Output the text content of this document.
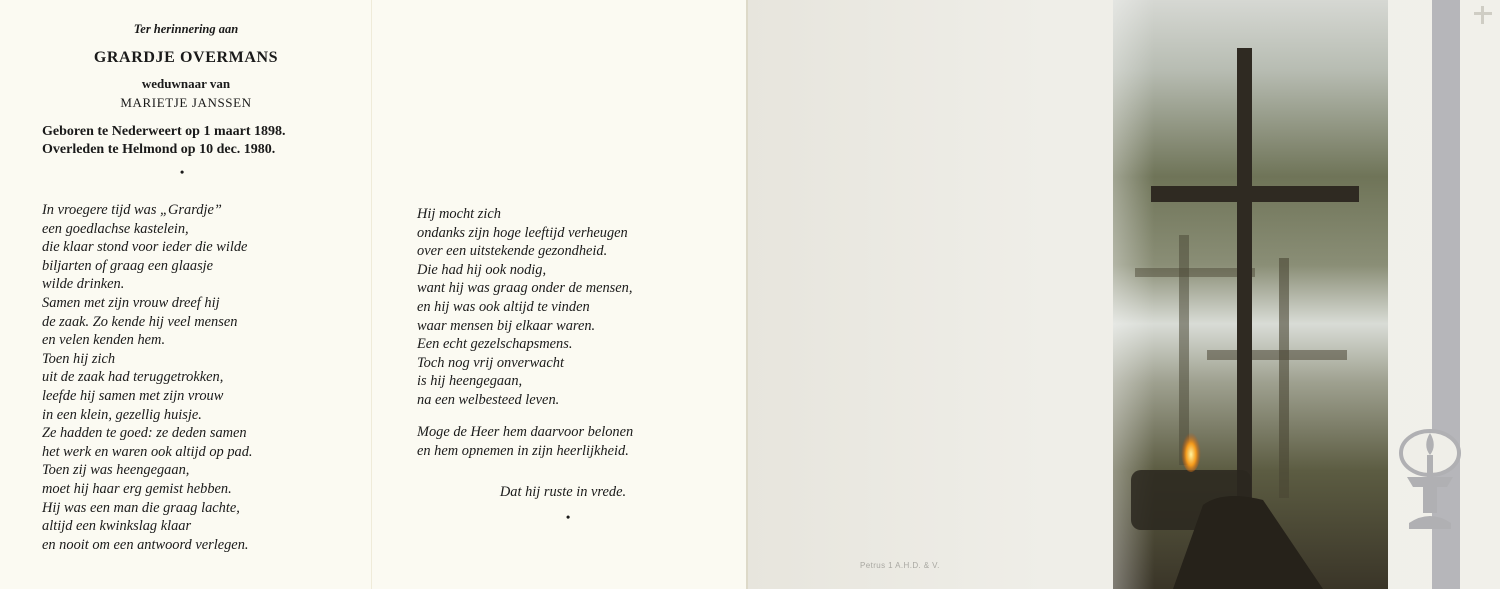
Ter herinnering aan
GRARDJE OVERMANS
weduwnaar van
MARIETJE JANSSEN
Geboren te Nederweert op 1 maart 1898.
Overleden te Helmond op 10 dec. 1980.
•
In vroegere tijd was „Grardje”
een goedlachse kastelein,
die klaar stond voor ieder die wilde
biljarten of graag een glaasje
wilde drinken.
Samen met zijn vrouw dreef hij
de zaak. Zo kende hij veel mensen
en velen kenden hem.
Toen hij zich
uit de zaak had teruggetrokken,
leefde hij samen met zijn vrouw
in een klein, gezellig huisje.
Ze hadden te goed: ze deden samen
het werk en waren ook altijd op pad.
Toen zij was heengegaan,
moet hij haar erg gemist hebben.
Hij was een man die graag lachte,
altijd een kwinkslag klaar
en nooit om een antwoord verlegen.
Hij mocht zich
ondanks zijn hoge leeftijd verheugen
over een uitstekende gezondheid.
Die had hij ook nodig,
want hij was graag onder de mensen,
en hij was ook altijd te vinden
waar mensen bij elkaar waren.
Een echt gezelschapsmens.
Toch nog vrij onverwacht
is hij heengegaan,
na een welbesteed leven.
Moge de Heer hem daarvoor belonen
en hem opnemen in zijn heerlijkheid.
Dat hij ruste in vrede.
•
Petrus 1 A.H.D. & V.
